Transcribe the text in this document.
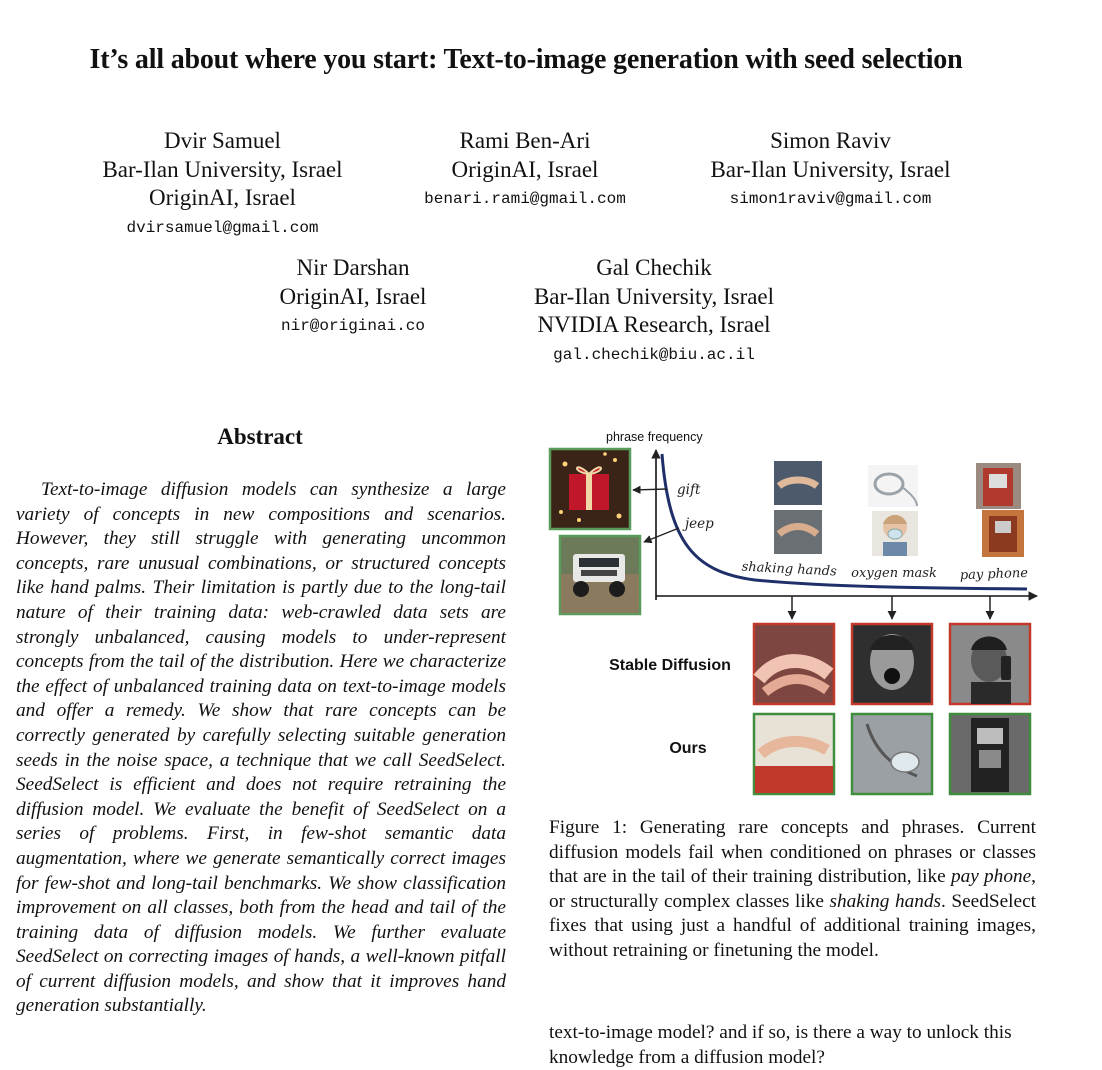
It’s all about where you start: Text-to-image generation with seed selection
Dvir Samuel
Bar-Ilan University, Israel
OriginAI, Israel
dvirsamuel@gmail.com
Rami Ben-Ari
OriginAI, Israel
benari.rami@gmail.com
Simon Raviv
Bar-Ilan University, Israel
simon1raviv@gmail.com
Nir Darshan
OriginAI, Israel
nir@originai.co
Gal Chechik
Bar-Ilan University, Israel
NVIDIA Research, Israel
gal.chechik@biu.ac.il
Abstract

Text-to-image diffusion models can synthesize a large variety of concepts in new compositions and scenarios. However, they still struggle with generating uncommon concepts, rare unusual combinations, or structured concepts like hand palms. Their limitation is partly due to the long-tail nature of their training data: web-crawled data sets are strongly unbalanced, causing models to under-represent concepts from the tail of the distribution. Here we characterize the effect of unbalanced training data on text-to-image models and offer a remedy. We show that rare concepts can be correctly generated by carefully selecting suitable generation seeds in the noise space, a technique that we call SeedSelect. SeedSelect is efficient and does not require retraining the diffusion model. We evaluate the benefit of SeedSelect on a series of problems. First, in few-shot semantic data augmentation, where we generate semantically correct images for few-shot and long-tail benchmarks. We show classification improvement on all classes, both from the head and tail of the training data of diffusion models. We further evaluate SeedSelect on correcting images of hands, a well-known pitfall of current diffusion models, and show that it improves hand generation substantially.

phrase frequency
gift
jeep
shaking hands oxygen mask pay phone
Stable Diffusion
Ours
Figure 1: Generating rare concepts and phrases. Current diffusion models fail when conditioned on phrases or classes that are in the tail of their training distribution, like pay phone, or structurally complex classes like shaking hands. SeedSelect fixes that using just a handful of additional training images, without retraining or finetuning the model.
text-to-image model? and if so, is there a way to unlock this knowledge from a diffusion model?
